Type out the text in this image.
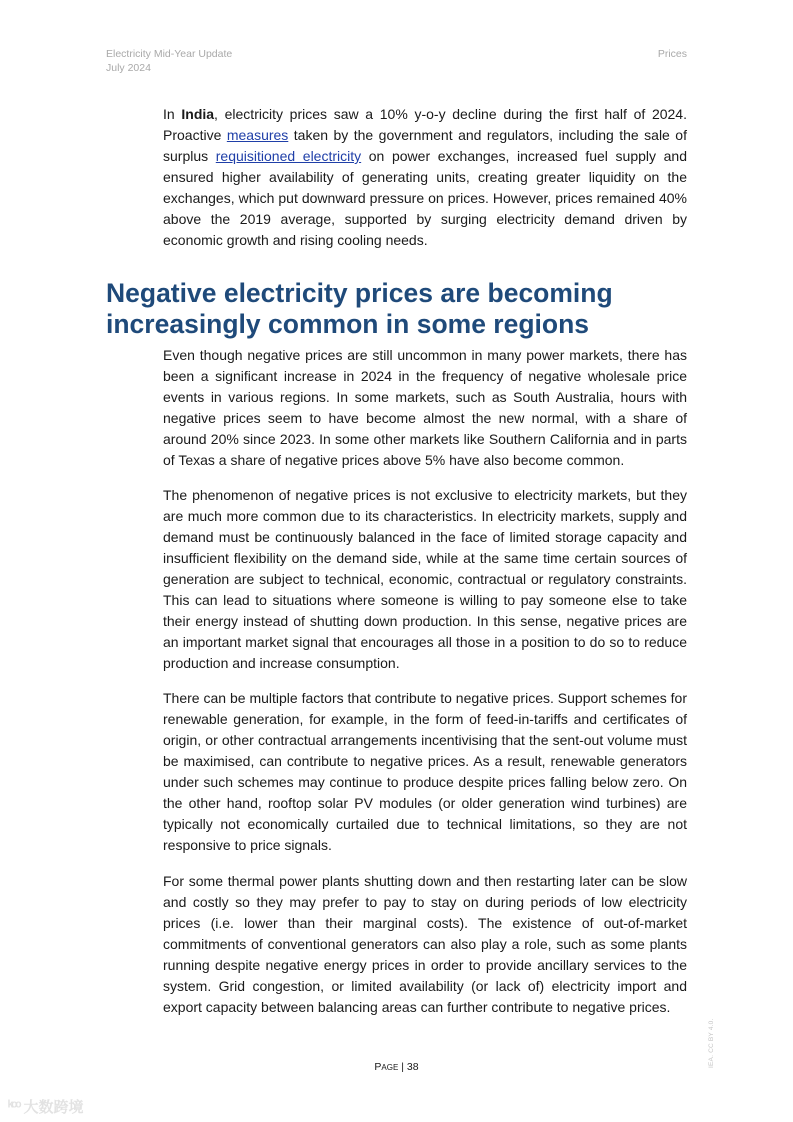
Electricity Mid-Year Update
July 2024
Prices

In India, electricity prices saw a 10% y-o-y decline during the first half of 2024. Proactive measures taken by the government and regulators, including the sale of surplus requisitioned electricity on power exchanges, increased fuel supply and ensured higher availability of generating units, creating greater liquidity on the exchanges, which put downward pressure on prices. However, prices remained 40% above the 2019 average, supported by surging electricity demand driven by economic growth and rising cooling needs.

Negative electricity prices are becoming increasingly common in some regions

Even though negative prices are still uncommon in many power markets, there has been a significant increase in 2024 in the frequency of negative wholesale price events in various regions. In some markets, such as South Australia, hours with negative prices seem to have become almost the new normal, with a share of around 20% since 2023. In some other markets like Southern California and in parts of Texas a share of negative prices above 5% have also become common.

The phenomenon of negative prices is not exclusive to electricity markets, but they are much more common due to its characteristics. In electricity markets, supply and demand must be continuously balanced in the face of limited storage capacity and insufficient flexibility on the demand side, while at the same time certain sources of generation are subject to technical, economic, contractual or regulatory constraints. This can lead to situations where someone is willing to pay someone else to take their energy instead of shutting down production. In this sense, negative prices are an important market signal that encourages all those in a position to do so to reduce production and increase consumption.

There can be multiple factors that contribute to negative prices. Support schemes for renewable generation, for example, in the form of feed-in-tariffs and certificates of origin, or other contractual arrangements incentivising that the sent-out volume must be maximised, can contribute to negative prices. As a result, renewable generators under such schemes may continue to produce despite prices falling below zero. On the other hand, rooftop solar PV modules (or older generation wind turbines) are typically not economically curtailed due to technical limitations, so they are not responsive to price signals.

For some thermal power plants shutting down and then restarting later can be slow and costly so they may prefer to pay to stay on during periods of low electricity prices (i.e. lower than their marginal costs). The existence of out-of-market commitments of conventional generators can also play a role, such as some plants running despite negative energy prices in order to provide ancillary services to the system. Grid congestion, or limited availability (or lack of) electricity import and export capacity between balancing areas can further contribute to negative prices.

PAGE | 38	IEA. CC BY 4.0.
ᵏᵒᵒ 大数跨境
